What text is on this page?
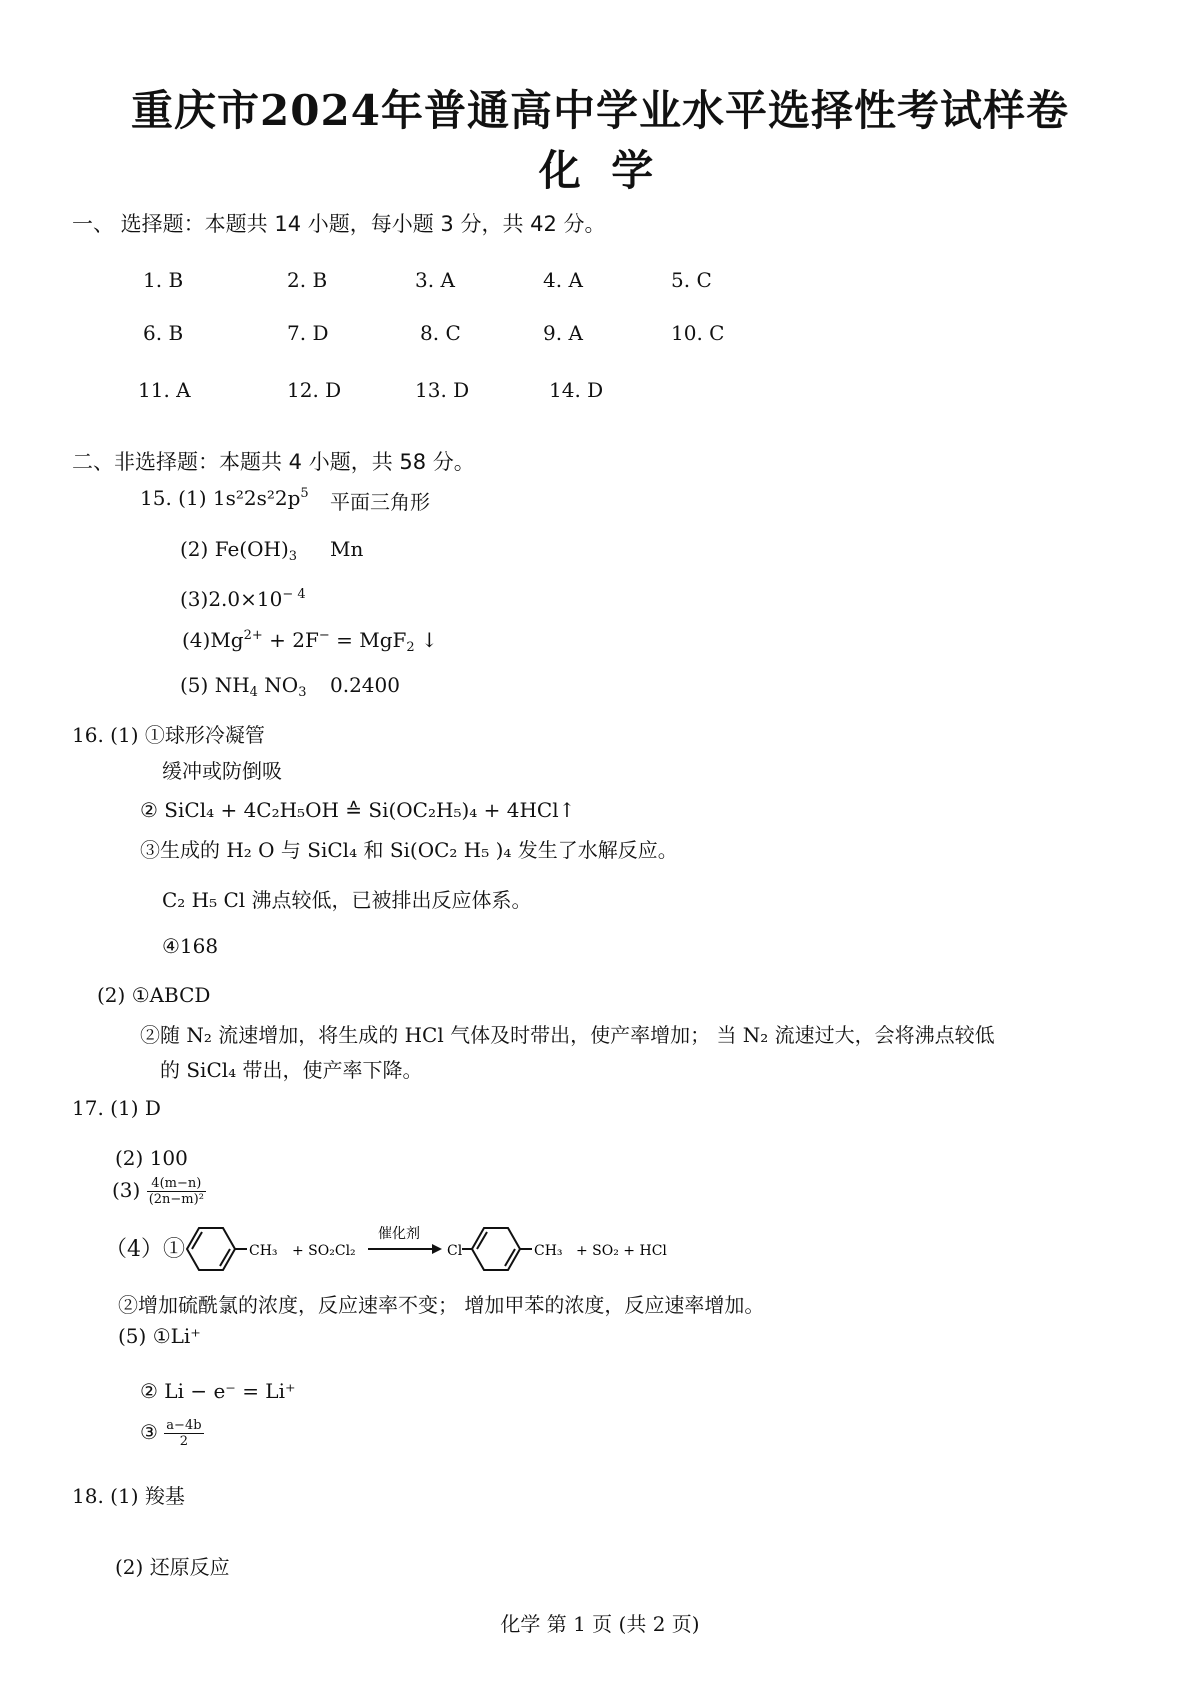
重庆市2024年普通高中学业水平选择性考试样卷
化 学
一、 选择题：本题共 14 小题，每小题 3 分，共 42 分。
1. B	2. B	3. A	4. A	5. C
6. B	7. D	8. C	9. A	10. C
11. A	12. D	13. D	14. D
二、非选择题：本题共 4 小题，共 58 分。
15. (1) $1s^22s^22p^5$ 平面三角形
(2) $Fe(OH)_3$ Mn
$(3)2.0\times 10^{- 4}$
$(4)Mg^{2+} + 2F^- = MgF_2$ ↓
(5) $NH_4$ $NO_3$ 0.2400
16. (1) ①球形冷凝管
缓冲或防倒吸
② SiCl₄ + 4C₂H₅OH ≙ Si(OC₂H₅)₄ + 4HCl↑
③生成的 H₂ O 与 SiCl₄ 和 Si(OC₂ H₅ )₄ 发生了水解反应。
C₂ H₅ Cl 沸点较低，已被排出反应体系。
④168
(2) ①ABCD
②随 N₂ 流速增加，将生成的 HCl 气体及时带出，使产率增加； 当 N₂ 流速过大，会将沸点较低
的 SiCl₄ 带出，使产率下降。
17. (1) D
(2) 100
$(3) \frac{4(m-n)}{\text{(2n−m)²}}$
（4）①	CH₃ + SO₂Cl₂
催化剂
Cl	CH₃ + SO₂ + HCl
②增加硫酰氯的浓度，反应速率不变； 增加甲苯的浓度，反应速率增加。
(5) ①Li⁺
② Li − e⁻ = Li⁺
③ $\frac{a-4b}{2}$
18. (1) 羧基
(2) 还原反应
化学 第 1 页 (共 2 页)
